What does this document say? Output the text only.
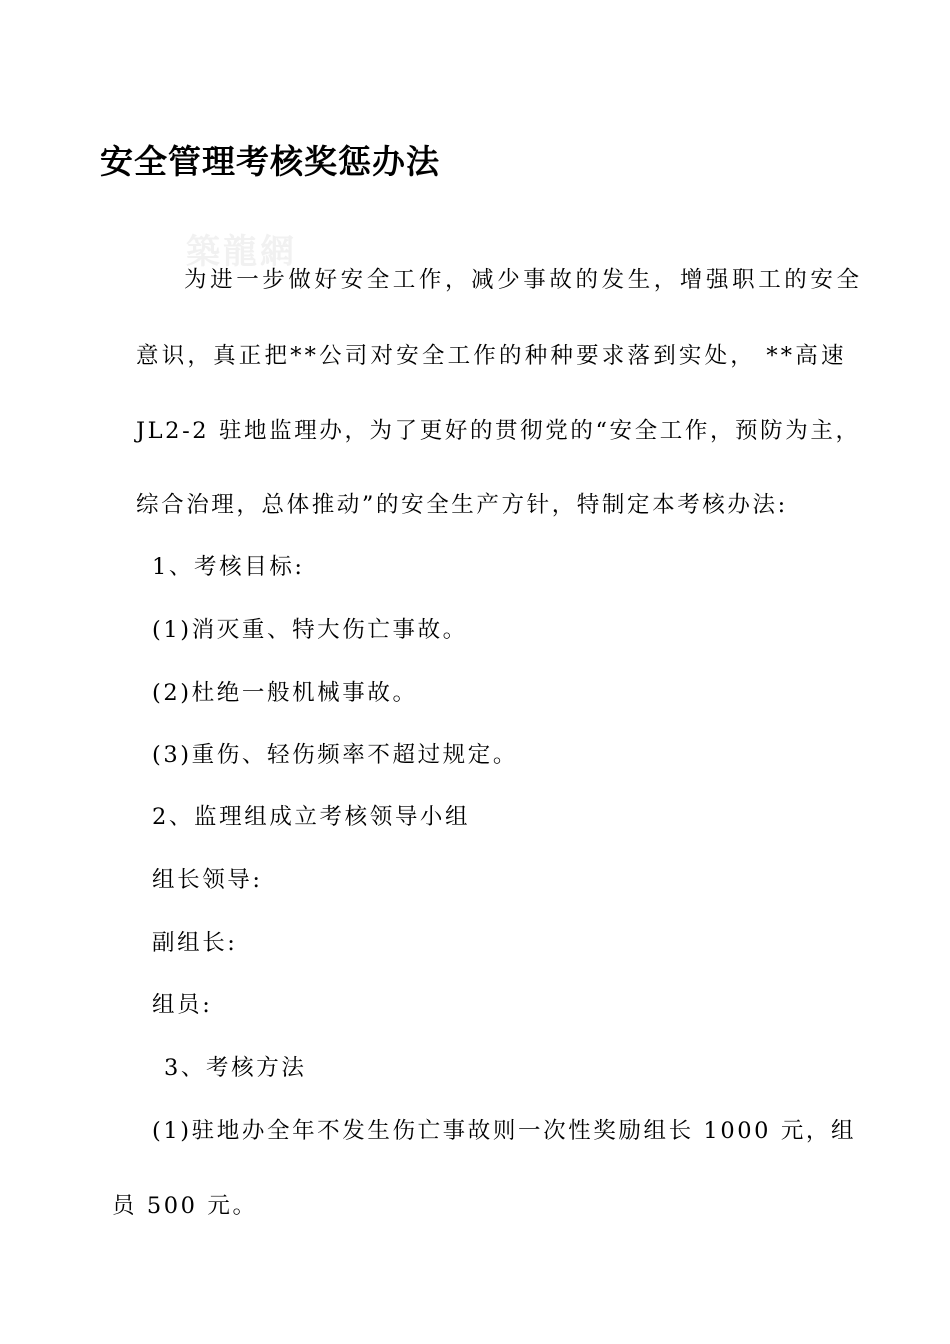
築龍網
安全管理考核奖惩办法
为进一步做好安全工作，减少事故的发生，增强职工的安全
意识，真正把**公司对安全工作的种种要求落到实处， **高速
JL2-2 驻地监理办，为了更好的贯彻党的“安全工作，预防为主，
综合治理，总体推动”的安全生产方针，特制定本考核办法:
1、考核目标:
(1)消灭重、特大伤亡事故。
(2)杜绝一般机械事故。
(3)重伤、轻伤频率不超过规定。
2、监理组成立考核领导小组
组长领导:
副组长:
组员:
3、考核方法
(1)驻地办全年不发生伤亡事故则一次性奖励组长 1000 元，组
员 500 元。
